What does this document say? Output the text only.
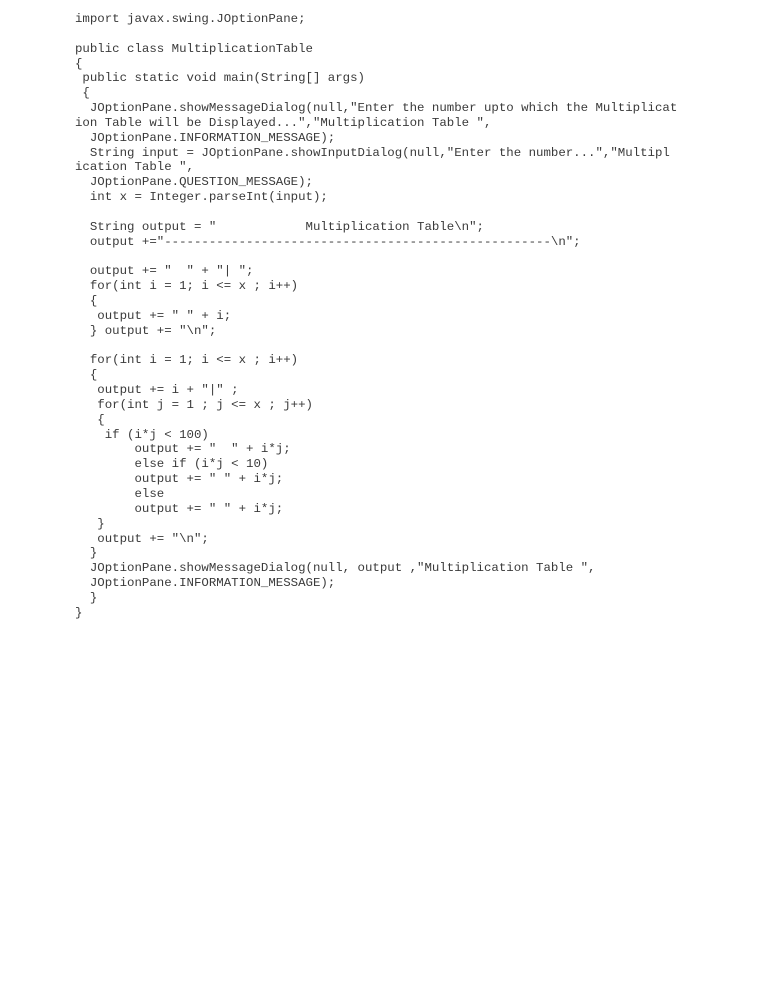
import javax.swing.JOptionPane;
public class MultiplicationTable
{
public static void main(String[] args)
{
JOptionPane.showMessageDialog(null,"Enter the number upto which the Multiplicat
ion Table will be Displayed...","Multiplication Table ",
JOptionPane.INFORMATION_MESSAGE);
String input = JOptionPane.showInputDialog(null,"Enter the number...","Multipl
ication Table ",
JOptionPane.QUESTION_MESSAGE);
int x = Integer.parseInt(input);
String output = "            Multiplication Table\n";
output +="----------------------------------------------------\n";
output += "  " + "| ";
for(int i = 1; i <= x ; i++)
{
output += " " + i;
} output += "\n";
for(int i = 1; i <= x ; i++)
{
output += i + "|" ;
for(int j = 1 ; j <= x ; j++)
{
if (i*j < 100)
output += "  " + i*j;
else if (i*j < 10)
output += " " + i*j;
else
output += " " + i*j;
}
output += "\n";
}
JOptionPane.showMessageDialog(null, output ,"Multiplication Table ",
JOptionPane.INFORMATION_MESSAGE);
}
}
